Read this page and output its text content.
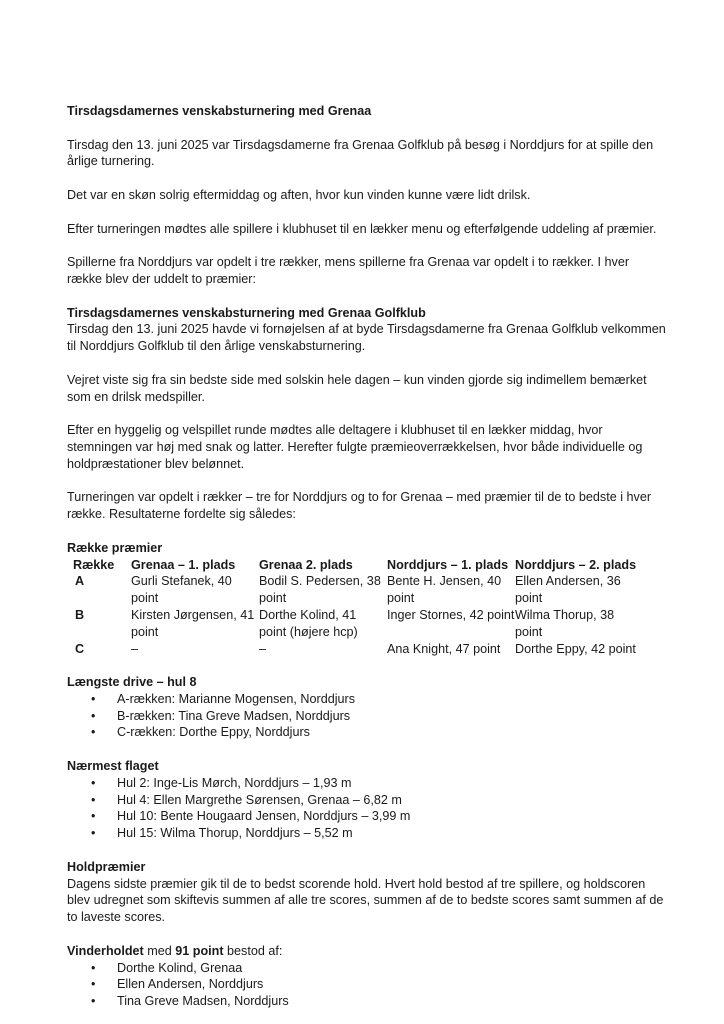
Tirsdagsdamernes venskabsturnering med Grenaa

Tirsdag den 13. juni 2025 var Tirsdagsdamerne fra Grenaa Golfklub på besøg i Norddjurs for at spille den årlige turnering.

Det var en skøn solrig eftermiddag og aften, hvor kun vinden kunne være lidt drilsk.

Efter turneringen mødtes alle spillere i klubhuset til en lækker menu og efterfølgende uddeling af præmier.

Spillerne fra Norddjurs var opdelt i tre rækker, mens spillerne fra Grenaa var opdelt i to rækker. I hver række blev der uddelt to præmier:

Tirsdagsdamernes venskabsturnering med Grenaa Golfklub

Tirsdag den 13. juni 2025 havde vi fornøjelsen af at byde Tirsdagsdamerne fra Grenaa Golfklub velkommen til Norddjurs Golfklub til den årlige venskabsturnering.

Vejret viste sig fra sin bedste side med solskin hele dagen – kun vinden gjorde sig indimellem bemærket som en drilsk medspiller.

Efter en hyggelig og velspillet runde mødtes alle deltagere i klubhuset til en lækker middag, hvor stemningen var høj med snak og latter. Herefter fulgte præmieoverrækkelsen, hvor både individuelle og holdpræstationer blev belønnet.

Turneringen var opdelt i rækker – tre for Norddjurs og to for Grenaa – med præmier til de to bedste i hver række. Resultaterne fordelte sig således:

Række præmier

Række	Grenaa – 1. plads	Grenaa 2. plads	Norddjurs – 1. plads	Norddjurs – 2. plads
A	Gurli Stefanek, 40 point	Bodil S. Pedersen, 38 point	Bente H. Jensen, 40 point	Ellen Andersen, 36 point
B	Kirsten Jørgensen, 41 point	Dorthe Kolind, 41 point (højere hcp)	Inger Stornes, 42 point	Wilma Thorup, 38 point
C	–	–	Ana Knight, 47 point	Dorthe Eppy, 42 point

Længste drive – hul 8

• A-rækken: Marianne Mogensen, Norddjurs
• B-rækken: Tina Greve Madsen, Norddjurs
• C-rækken: Dorthe Eppy, Norddjurs

Nærmest flaget

• Hul 2: Inge-Lis Mørch, Norddjurs – 1,93 m
• Hul 4: Ellen Margrethe Sørensen, Grenaa – 6,82 m
• Hul 10: Bente Hougaard Jensen, Norddjurs – 3,99 m
• Hul 15: Wilma Thorup, Norddjurs – 5,52 m

Holdpræmier

Dagens sidste præmier gik til de to bedst scorende hold. Hvert hold bestod af tre spillere, og holdscoren blev udregnet som skiftevis summen af alle tre scores, summen af de to bedste scores samt summen af de to laveste scores.

Vinderholdet med 91 point bestod af:

• Dorthe Kolind, Grenaa
• Ellen Andersen, Norddjurs
• Tina Greve Madsen, Norddjurs
